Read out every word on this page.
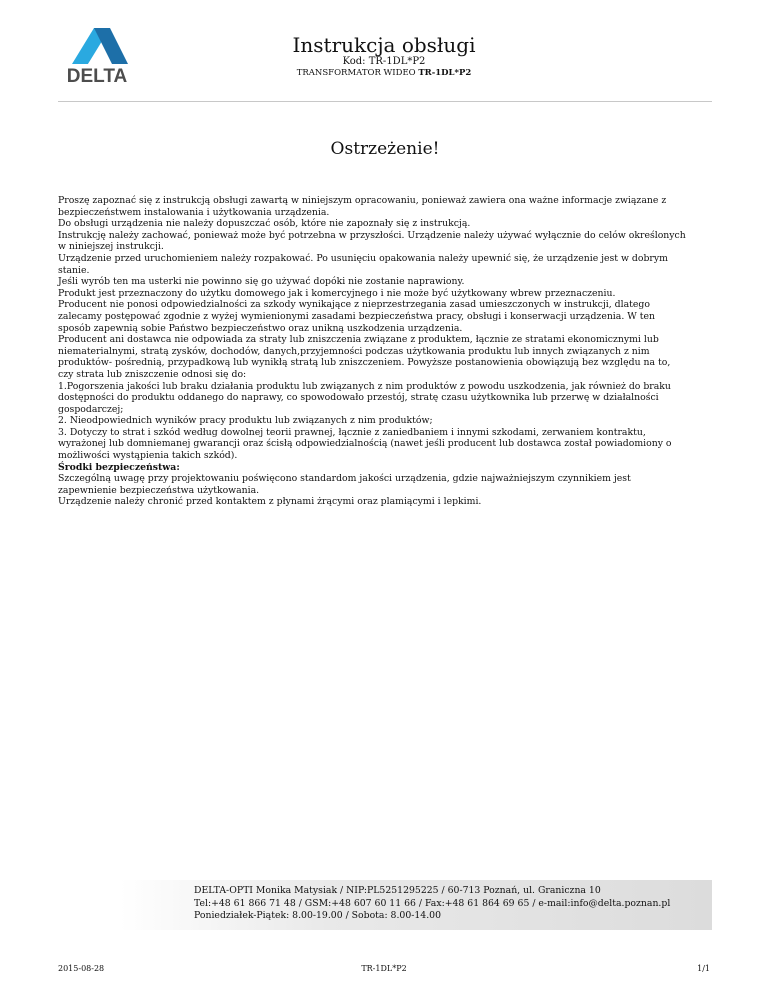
DELTA
Instrukcja obsługi
Kod: TR-1DL*P2
TRANSFORMATOR WIDEO TR-1DL*P2
Ostrzeżenie!

Proszę zapoznać się z instrukcją obsługi zawartą w niniejszym opracowaniu, ponieważ zawiera ona ważne informacje związane z

bezpieczeństwem instalowania i użytkowania urządzenia.

Do obsługi urządzenia nie należy dopuszczać osób, które nie zapoznały się z instrukcją.

Instrukcję należy zachować, ponieważ może być potrzebna w przyszłości. Urządzenie należy używać wyłącznie do celów określonych

w niniejszej instrukcji.

Urządzenie przed uruchomieniem należy rozpakować. Po usunięciu opakowania należy upewnić się, że urządzenie jest w dobrym

stanie.

Jeśli wyrób ten ma usterki nie powinno się go używać dopóki nie zostanie naprawiony.

Produkt jest przeznaczony do użytku domowego jak i komercyjnego i nie może być użytkowany wbrew przeznaczeniu.

Producent nie ponosi odpowiedzialności za szkody wynikające z nieprzestrzegania zasad umieszczonych w instrukcji, dlatego

zalecamy postępować zgodnie z wyżej wymienionymi zasadami bezpieczeństwa pracy, obsługi i konserwacji urządzenia. W ten

sposób zapewnią sobie Państwo bezpieczeństwo oraz unikną uszkodzenia urządzenia.

Producent ani dostawca nie odpowiada za straty lub zniszczenia związane z produktem, łącznie ze stratami ekonomicznymi lub

niematerialnymi, stratą zysków, dochodów, danych,przyjemności podczas użytkowania produktu lub innych związanych z nim

produktów- pośrednią, przypadkową lub wynikłą stratą lub zniszczeniem. Powyższe postanowienia obowiązują bez względu na to,

czy strata lub zniszczenie odnosi się do:

1.Pogorszenia jakości lub braku działania produktu lub związanych z nim produktów z powodu uszkodzenia, jak również do braku

dostępności do produktu oddanego do naprawy, co spowodowało przestój, stratę czasu użytkownika lub przerwę w działalności

gospodarczej;

2. Nieodpowiednich wyników pracy produktu lub związanych z nim produktów;

3. Dotyczy to strat i szkód według dowolnej teorii prawnej, łącznie z zaniedbaniem i innymi szkodami, zerwaniem kontraktu,

wyrażonej lub domniemanej gwarancji oraz ścisłą odpowiedzialnością (nawet jeśli producent lub dostawca został powiadomiony o

możliwości wystąpienia takich szkód).

Środki bezpieczeństwa:

Szczególną uwagę przy projektowaniu poświęcono standardom jakości urządzenia, gdzie najważniejszym czynnikiem jest

zapewnienie bezpieczeństwa użytkowania.

Urządzenie należy chronić przed kontaktem z płynami żrącymi oraz plamiącymi i lepkimi.

DELTA-OPTI Monika Matysiak / NIP:PL5251295225 / 60-713 Poznań, ul. Graniczna 10
Tel:+48 61 866 71 48 / GSM:+48 607 60 11 66 / Fax:+48 61 864 69 65 / e-mail:info@delta.poznan.pl
Poniedziałek-Piątek: 8.00-19.00 / Sobota: 8.00-14.00
2015-08-28	TR-1DL*P2	1/1
